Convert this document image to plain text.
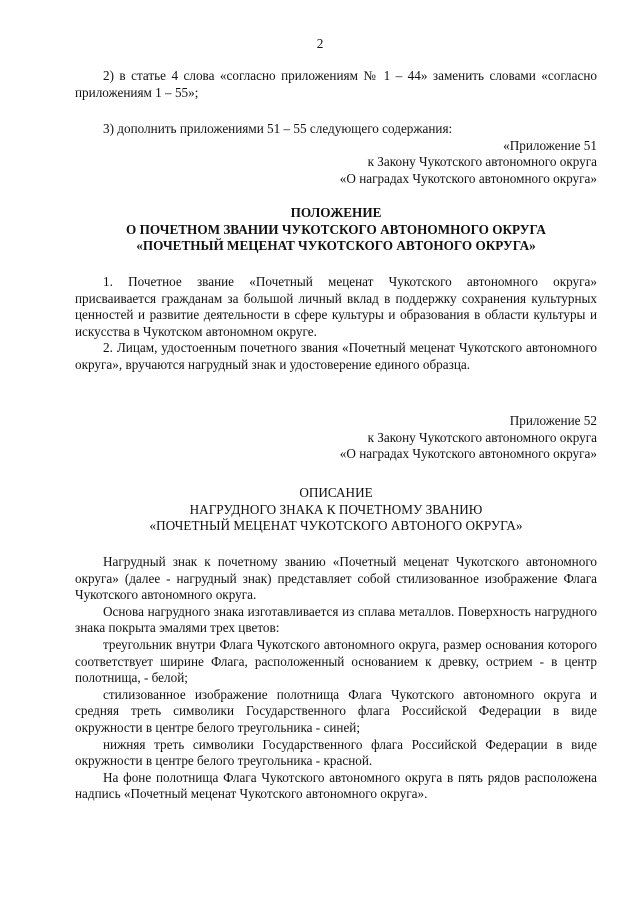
2

2) в статье 4 слова «согласно приложениям № 1 – 44» заменить словами «согласно приложениям 1 – 55»;

3) дополнить приложениями 51 – 55 следующего содержания:

«Приложение 51

к Закону Чукотского автономного округа

«О наградах Чукотского автономного округа»

ПОЛОЖЕНИЕ

О ПОЧЕТНОМ ЗВАНИИ ЧУКОТСКОГО АВТОНОМНОГО ОКРУГА

«ПОЧЕТНЫЙ МЕЦЕНАТ ЧУКОТСКОГО АВТОНОГО ОКРУГА»

1. Почетное звание «Почетный меценат Чукотского автономного округа» присваивается гражданам за большой личный вклад в поддержку сохранения культурных ценностей и развитие деятельности в сфере культуры и образования в области культуры и искусства в Чукотском автономном округе.

2. Лицам, удостоенным почетного звания «Почетный меценат Чукотского автономного округа», вручаются нагрудный знак и удостоверение единого образца.

Приложение 52

к Закону Чукотского автономного округа

«О наградах Чукотского автономного округа»

ОПИСАНИЕ

НАГРУДНОГО ЗНАКА К ПОЧЕТНОМУ ЗВАНИЮ

«ПОЧЕТНЫЙ МЕЦЕНАТ ЧУКОТСКОГО АВТОНОГО ОКРУГА»

Нагрудный знак к почетному званию «Почетный меценат Чукотского автономного округа» (далее - нагрудный знак) представляет собой стилизованное изображение Флага Чукотского автономного округа.

Основа нагрудного знака изготавливается из сплава металлов. Поверхность нагрудного знака покрыта эмалями трех цветов:

треугольник внутри Флага Чукотского автономного округа, размер основания которого соответствует ширине Флага, расположенный основанием к древку, острием - в центр полотнища, - белой;

стилизованное изображение полотнища Флага Чукотского автономного округа и средняя треть символики Государственного флага Российской Федерации в виде окружности в центре белого треугольника - синей;

нижняя треть символики Государственного флага Российской Федерации в виде окружности в центре белого треугольника - красной.

На фоне полотнища Флага Чукотского автономного округа в пять рядов расположена надпись «Почетный меценат Чукотского автономного округа».
